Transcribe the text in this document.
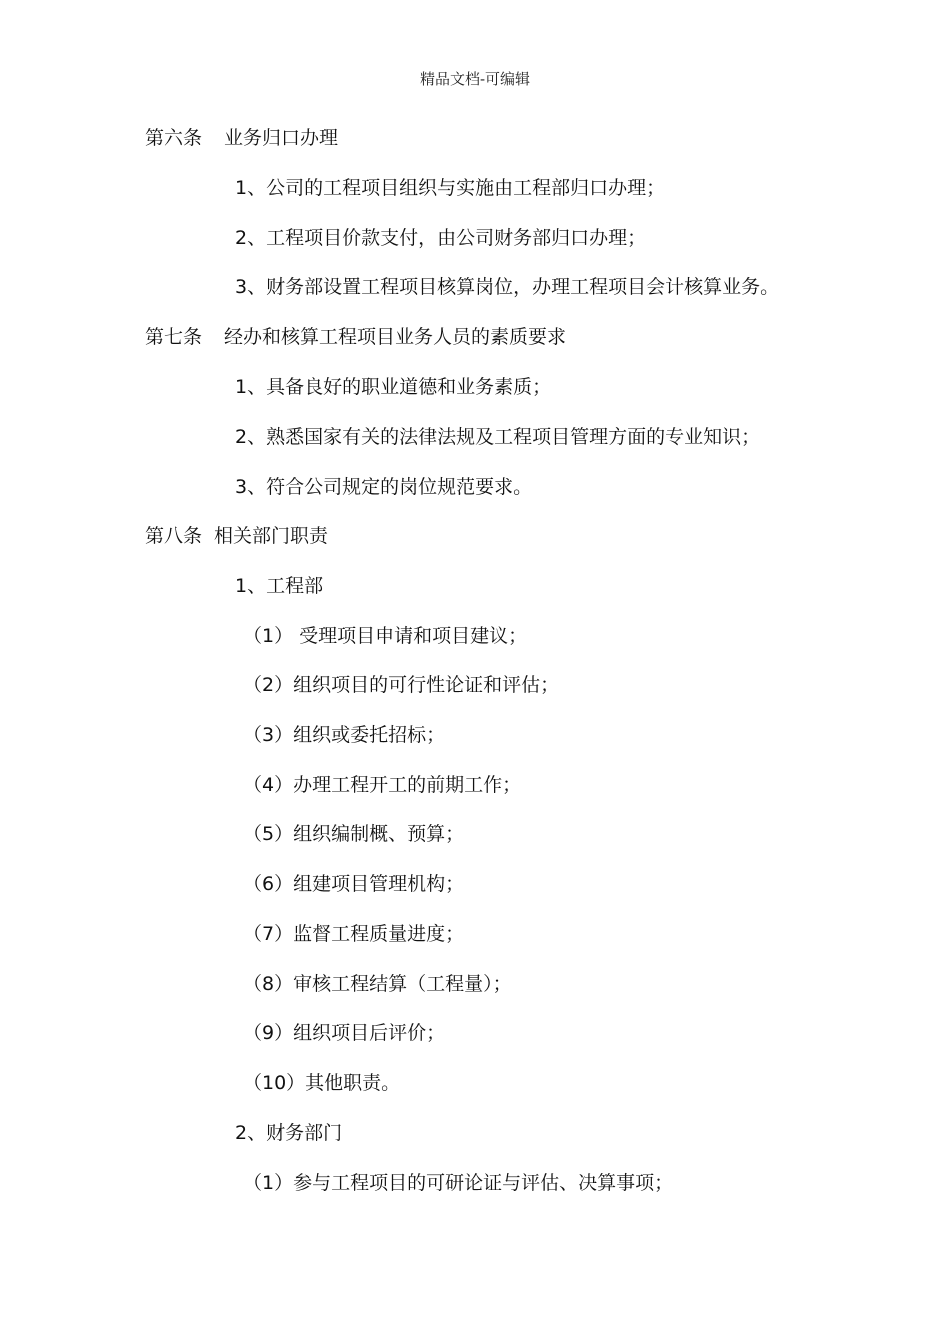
精品文档-可编辑
第六条 业务归口办理
1、公司的工程项目组织与实施由工程部归口办理；
2、工程项目价款支付，由公司财务部归口办理；
3、财务部设置工程项目核算岗位，办理工程项目会计核算业务。
第七条 经办和核算工程项目业务人员的素质要求
1、具备良好的职业道德和业务素质；
2、熟悉国家有关的法律法规及工程项目管理方面的专业知识；
3、符合公司规定的岗位规范要求。
第八条 相关部门职责
1、工程部
（1） 受理项目申请和项目建议；
（2）组织项目的可行性论证和评估；
（3）组织或委托招标；
（4）办理工程开工的前期工作；
（5）组织编制概、预算；
（6）组建项目管理机构；
（7）监督工程质量进度；
（8）审核工程结算（工程量）；
（9）组织项目后评价；
（10）其他职责。
2、财务部门
（1）参与工程项目的可研论证与评估、决算事项；
